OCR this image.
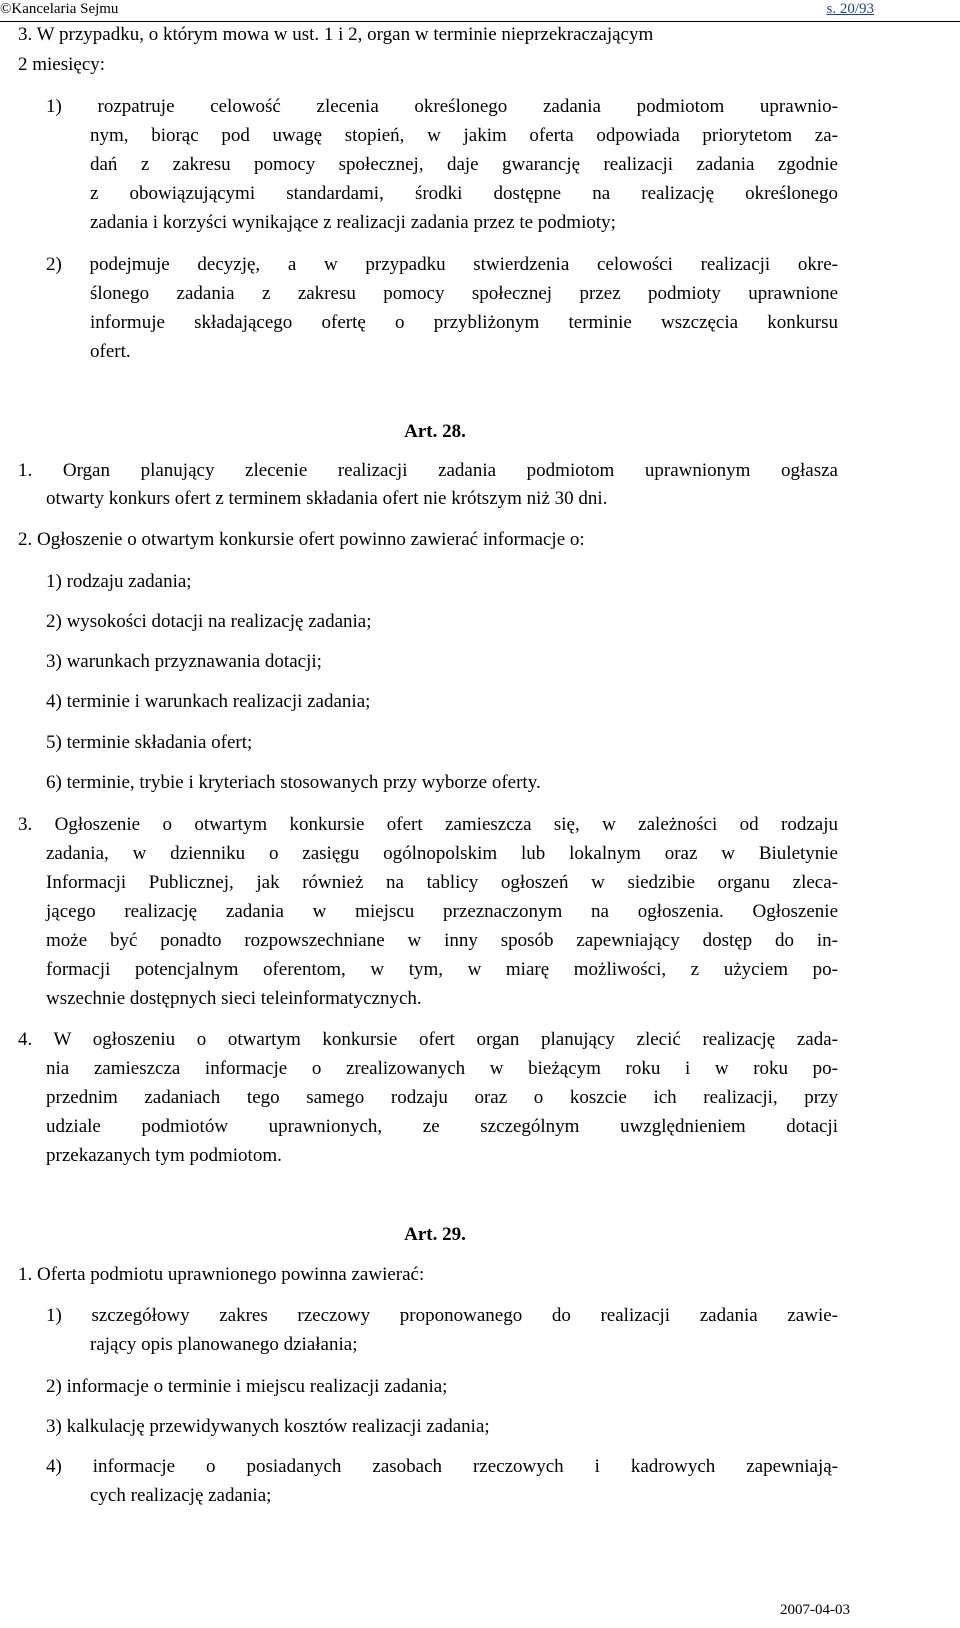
©Kancelaria Sejmu	s. 20/93
3. W przypadku, o którym mowa w ust. 1 i 2, organ w terminie nieprzekraczającym
2 miesięcy:
1) rozpatruje celowość zlecenia określonego zadania podmiotom uprawnio-
nym, biorąc pod uwagę stopień, w jakim oferta odpowiada priorytetom za-
dań z zakresu pomocy społecznej, daje gwarancję realizacji zadania zgodnie
z obowiązującymi standardami, środki dostępne na realizację określonego
zadania i korzyści wynikające z realizacji zadania przez te podmioty;
2) podejmuje decyzję, a w przypadku stwierdzenia celowości realizacji okre-
ślonego zadania z zakresu pomocy społecznej przez podmioty uprawnione
informuje składającego ofertę o przybliżonym terminie wszczęcia konkursu
ofert.
Art. 28.
1. Organ planujący zlecenie realizacji zadania podmiotom uprawnionym ogłasza
otwarty konkurs ofert z terminem składania ofert nie krótszym niż 30 dni.
2. Ogłoszenie o otwartym konkursie ofert powinno zawierać informacje o:
1) rodzaju zadania;
2) wysokości dotacji na realizację zadania;
3) warunkach przyznawania dotacji;
4) terminie i warunkach realizacji zadania;
5) terminie składania ofert;
6) terminie, trybie i kryteriach stosowanych przy wyborze oferty.
3. Ogłoszenie o otwartym konkursie ofert zamieszcza się, w zależności od rodzaju
zadania, w dzienniku o zasięgu ogólnopolskim lub lokalnym oraz w Biuletynie
Informacji Publicznej, jak również na tablicy ogłoszeń w siedzibie organu zleca-
jącego realizację zadania w miejscu przeznaczonym na ogłoszenia. Ogłoszenie
może być ponadto rozpowszechniane w inny sposób zapewniający dostęp do in-
formacji potencjalnym oferentom, w tym, w miarę możliwości, z użyciem po-
wszechnie dostępnych sieci teleinformatycznych.
4. W ogłoszeniu o otwartym konkursie ofert organ planujący zlecić realizację zada-
nia zamieszcza informacje o zrealizowanych w bieżącym roku i w roku po-
przednim zadaniach tego samego rodzaju oraz o koszcie ich realizacji, przy
udziale podmiotów uprawnionych, ze szczególnym uwzględnieniem dotacji
przekazanych tym podmiotom.
Art. 29.
1. Oferta podmiotu uprawnionego powinna zawierać:
1) szczegółowy zakres rzeczowy proponowanego do realizacji zadania zawie-
rający opis planowanego działania;
2) informacje o terminie i miejscu realizacji zadania;
3) kalkulację przewidywanych kosztów realizacji zadania;
4) informacje o posiadanych zasobach rzeczowych i kadrowych zapewniają-
cych realizację zadania;
2007-04-03
